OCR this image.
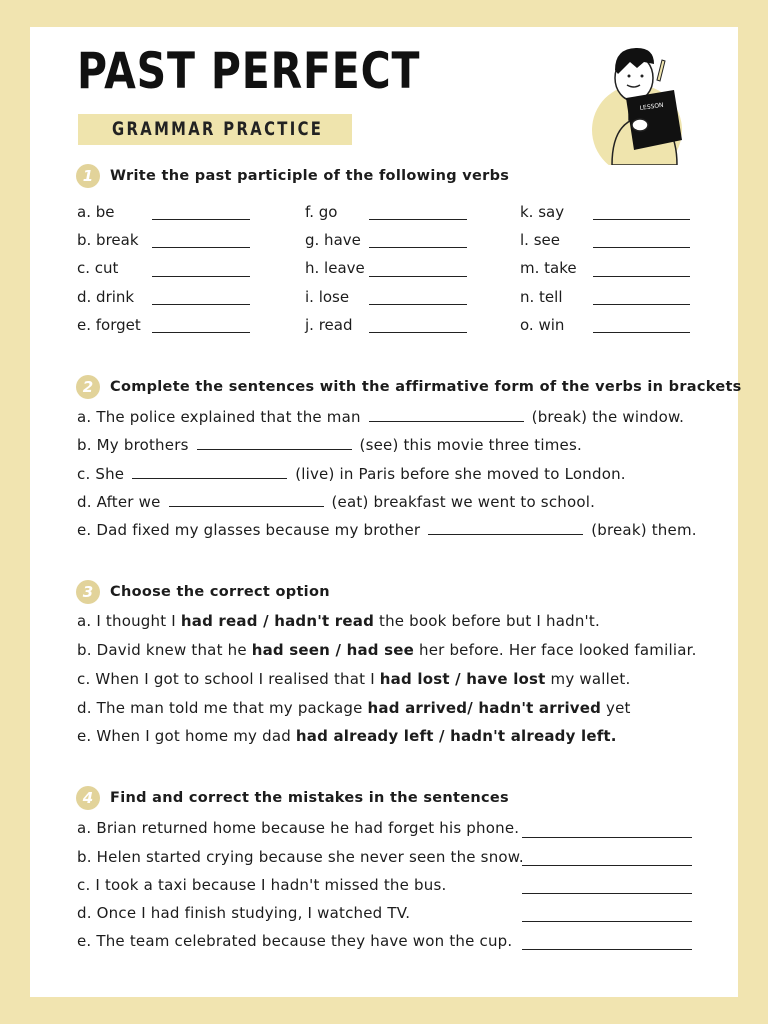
PAST PERFECT
GRAMMAR PRACTICE
LESSON
1	Write the past participle of the following verbs
a. be
b. break
c. cut
d. drink
e. forget
f. go
g. have
h. leave
i. lose
j. read
k. say
l. see
m. take
n. tell
o. win
2	Complete the sentences with the affirmative form of the verbs in brackets
a. The police explained that the man	(break) the window.
b. My brothers	(see) this movie three times.
c. She	(live) in Paris before she moved to London.
d. After we	(eat) breakfast we went to school.
e. Dad fixed my glasses because my brother	(break) them.
3	Choose the correct option
a. I thought I had read / hadn't read the book before but I hadn't.
b. David knew that he had seen / had see her before. Her face looked familiar.
c. When I got to school I realised that I had lost / have lost my wallet.
d. The man told me that my package had arrived/ hadn't arrived yet
e. When I got home my dad had already left / hadn't already left.
4	Find and correct the mistakes in the sentences
a. Brian returned home because he had forget his phone.
b. Helen started crying because she never seen the snow.
c. I took a taxi because I hadn't missed the bus.
d. Once I had finish studying, I watched TV.
e. The team celebrated because they have won the cup.
